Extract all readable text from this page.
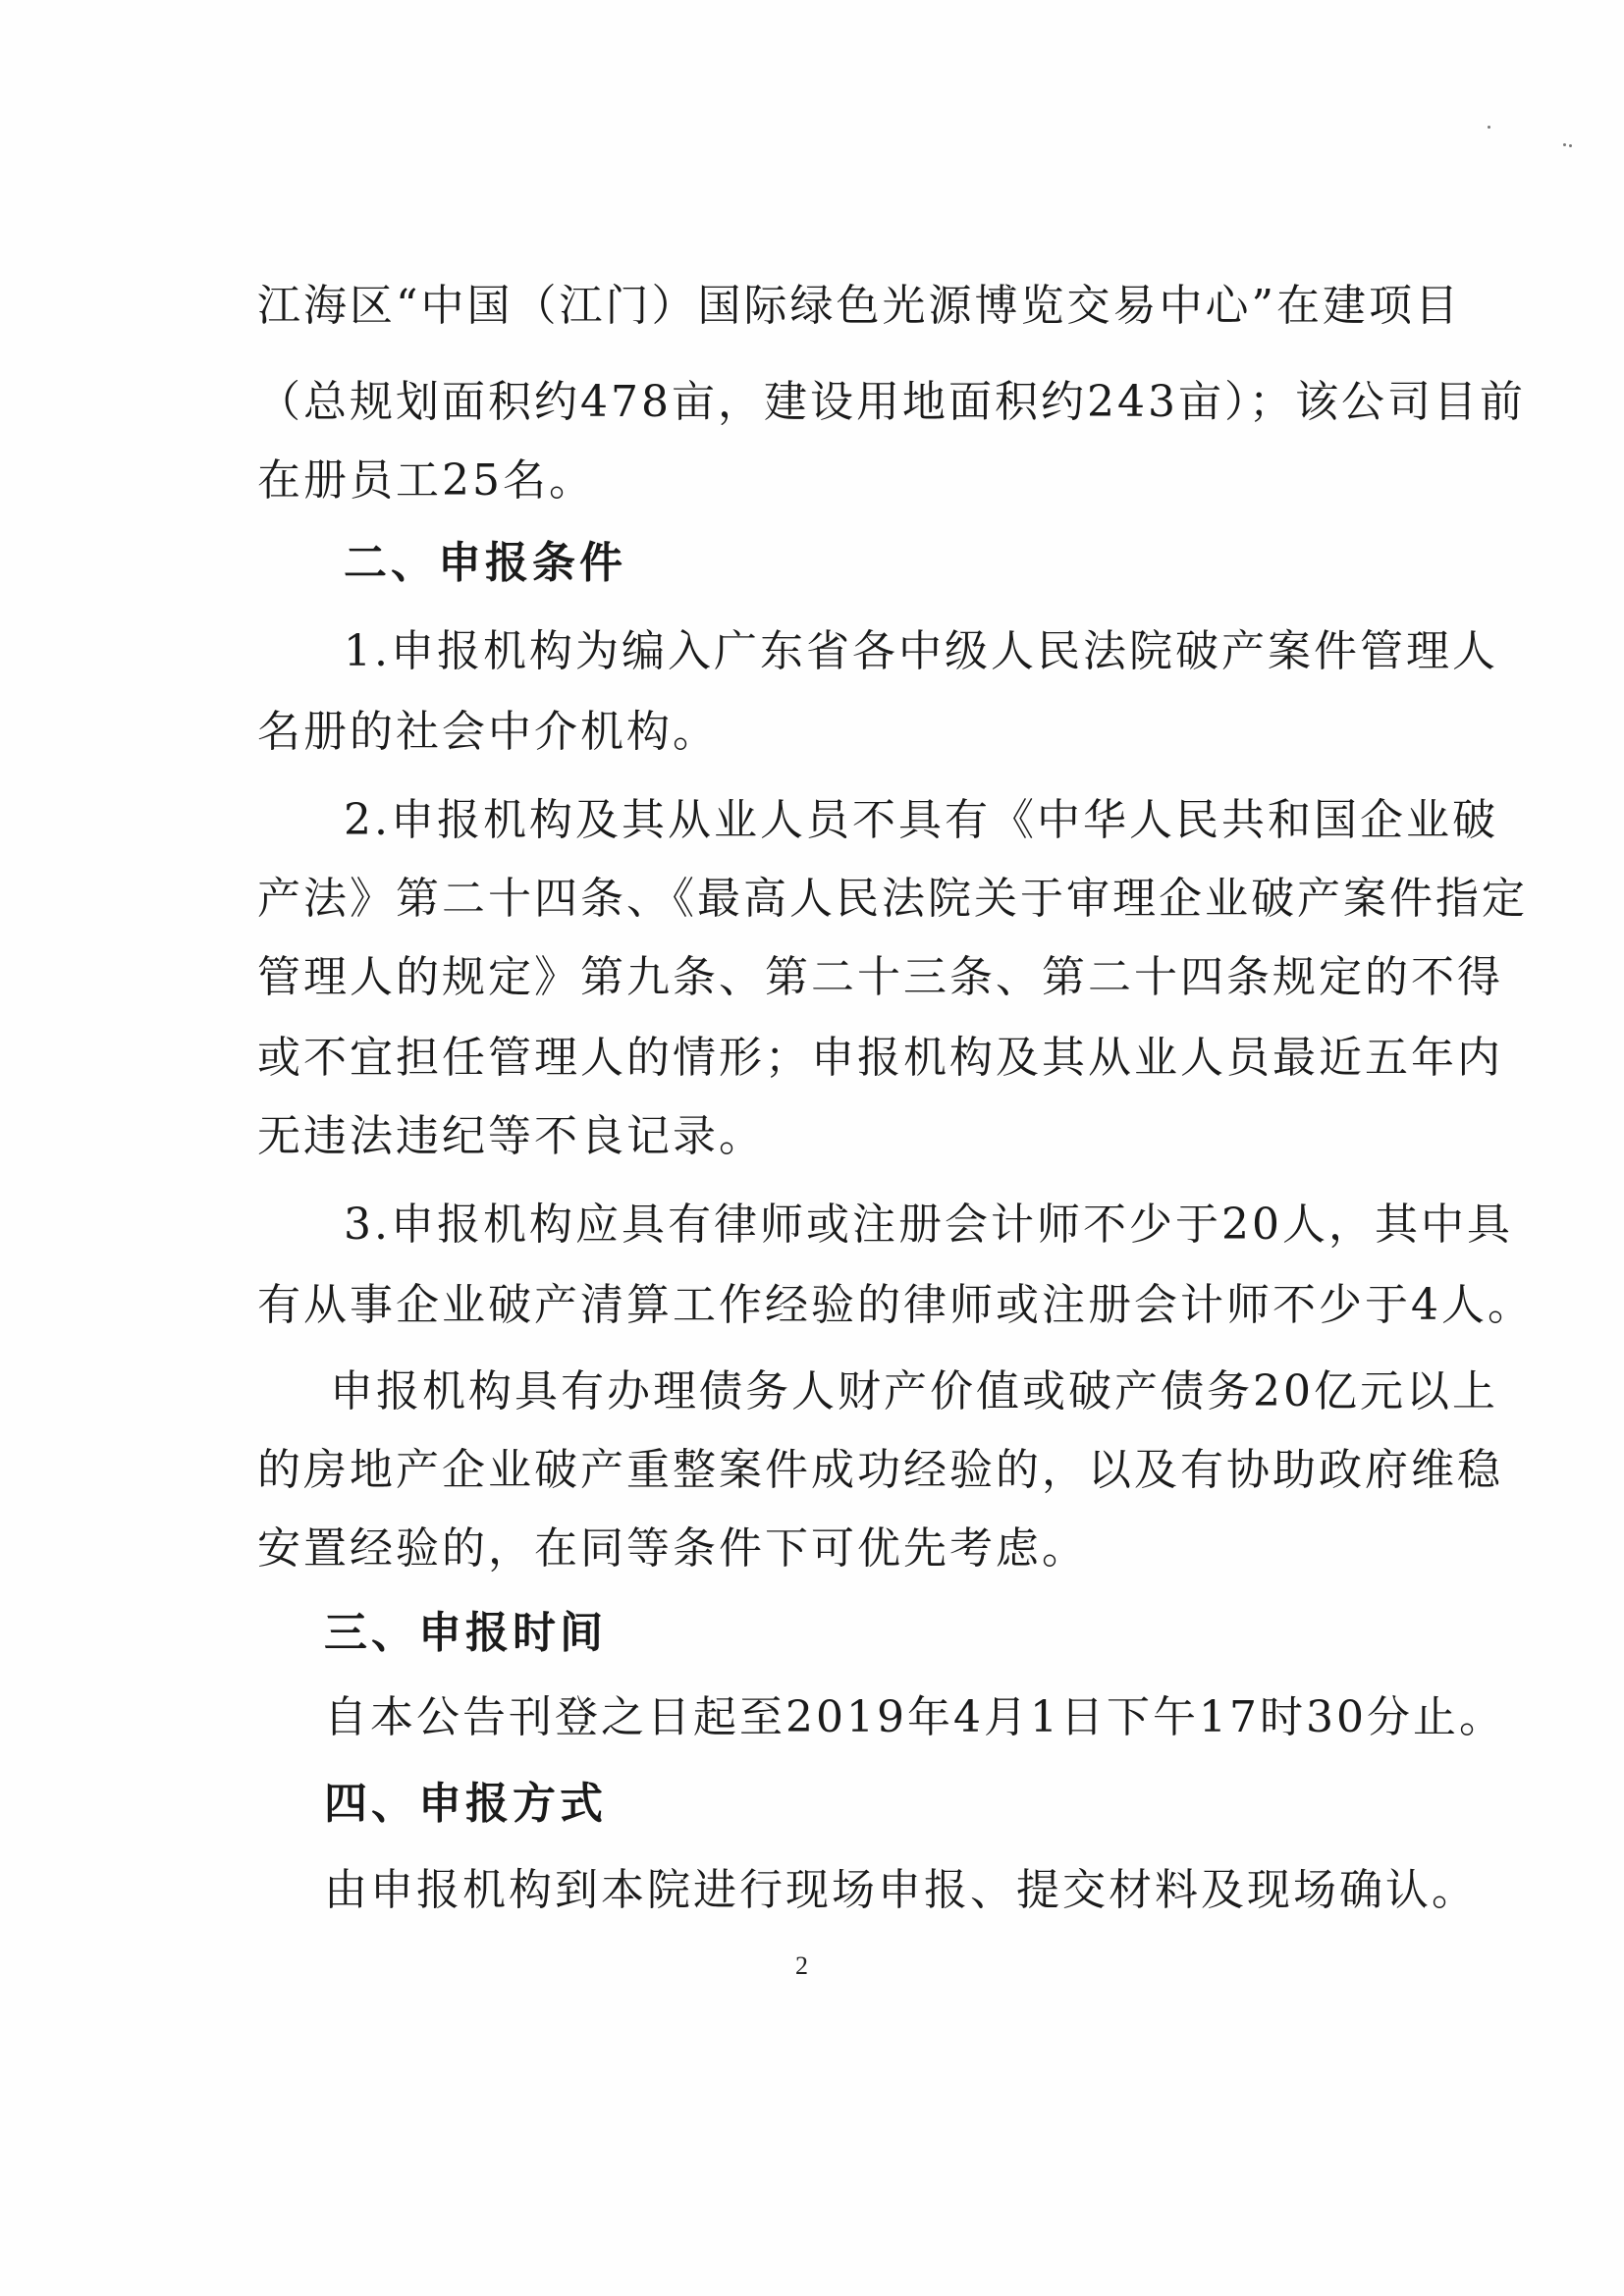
江海区“中国（江门）国际绿色光源博览交易中心”在建项目
（总规划面积约478亩，建设用地面积约243亩）；该公司目前
在册员工25名。
二、申报条件
1.申报机构为编入广东省各中级人民法院破产案件管理人
名册的社会中介机构。
2.申报机构及其从业人员不具有《中华人民共和国企业破
产法》第二十四条、《最高人民法院关于审理企业破产案件指定
管理人的规定》第九条、第二十三条、第二十四条规定的不得
或不宜担任管理人的情形；申报机构及其从业人员最近五年内
无违法违纪等不良记录。
3.申报机构应具有律师或注册会计师不少于20人，其中具
有从事企业破产清算工作经验的律师或注册会计师不少于4人。
申报机构具有办理债务人财产价值或破产债务20亿元以上
的房地产企业破产重整案件成功经验的，以及有协助政府维稳
安置经验的，在同等条件下可优先考虑。
三、申报时间
自本公告刊登之日起至2019年4月1日下午17时30分止。
四、申报方式
由申报机构到本院进行现场申报、提交材料及现场确认。
2
